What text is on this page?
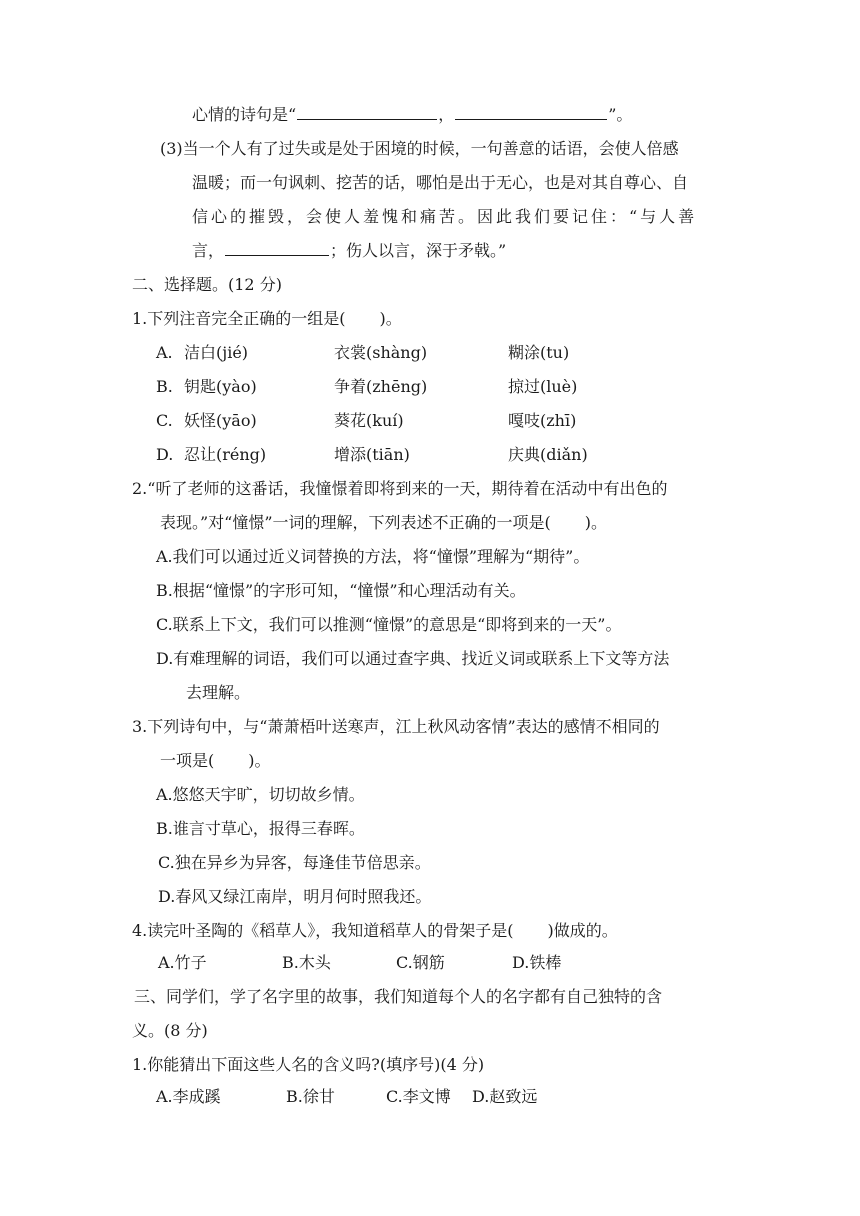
心情的诗句是“	，	”。
(3)当一个人有了过失或是处于困境的时候，一句善意的话语，会使人倍感
温暖；而一句讽刺、挖苦的话，哪怕是出于无心，也是对其自尊心、自
信心的摧毁，会使人羞愧和痛苦。因此我们要记住：“与人善
言，	；伤人以言，深于矛戟。”
二、选择题。(12 分)
1.下列注音完全正确的一组是( )。
A. 洁白(jié)	衣裳(shàng)	糊涂(tu)
B. 钥匙(yào)	争着(zhēng)	掠过(luè)
C. 妖怪(yāo)	葵花(kuí)	嘎吱(zhī)
D. 忍让(réng)	增添(tiān)	庆典(diǎn)
2.“听了老师的这番话，我憧憬着即将到来的一天，期待着在活动中有出色的
表现。”对“憧憬”一词的理解，下列表述不正确的一项是( )。
A.我们可以通过近义词替换的方法，将“憧憬”理解为“期待”。
B.根据“憧憬”的字形可知，“憧憬”和心理活动有关。
C.联系上下文，我们可以推测“憧憬”的意思是“即将到来的一天”。
D.有难理解的词语，我们可以通过查字典、找近义词或联系上下文等方法
去理解。
3.下列诗句中，与“萧萧梧叶送寒声，江上秋风动客情”表达的感情不相同的
一项是( )。
A.悠悠天宇旷，切切故乡情。
B.谁言寸草心，报得三春晖。
C.独在异乡为异客，每逢佳节倍思亲。
D.春风又绿江南岸，明月何时照我还。
4.读完叶圣陶的《稻草人》，我知道稻草人的骨架子是( )做成的。
A.竹子	B.木头	C.钢筋	D.铁棒
三、同学们，学了名字里的故事，我们知道每个人的名字都有自己独特的含
义。(8 分)
1.你能猜出下面这些人名的含义吗?(填序号)(4 分)
A.李成蹊	B.徐甘	C.李文博 D.赵致远
